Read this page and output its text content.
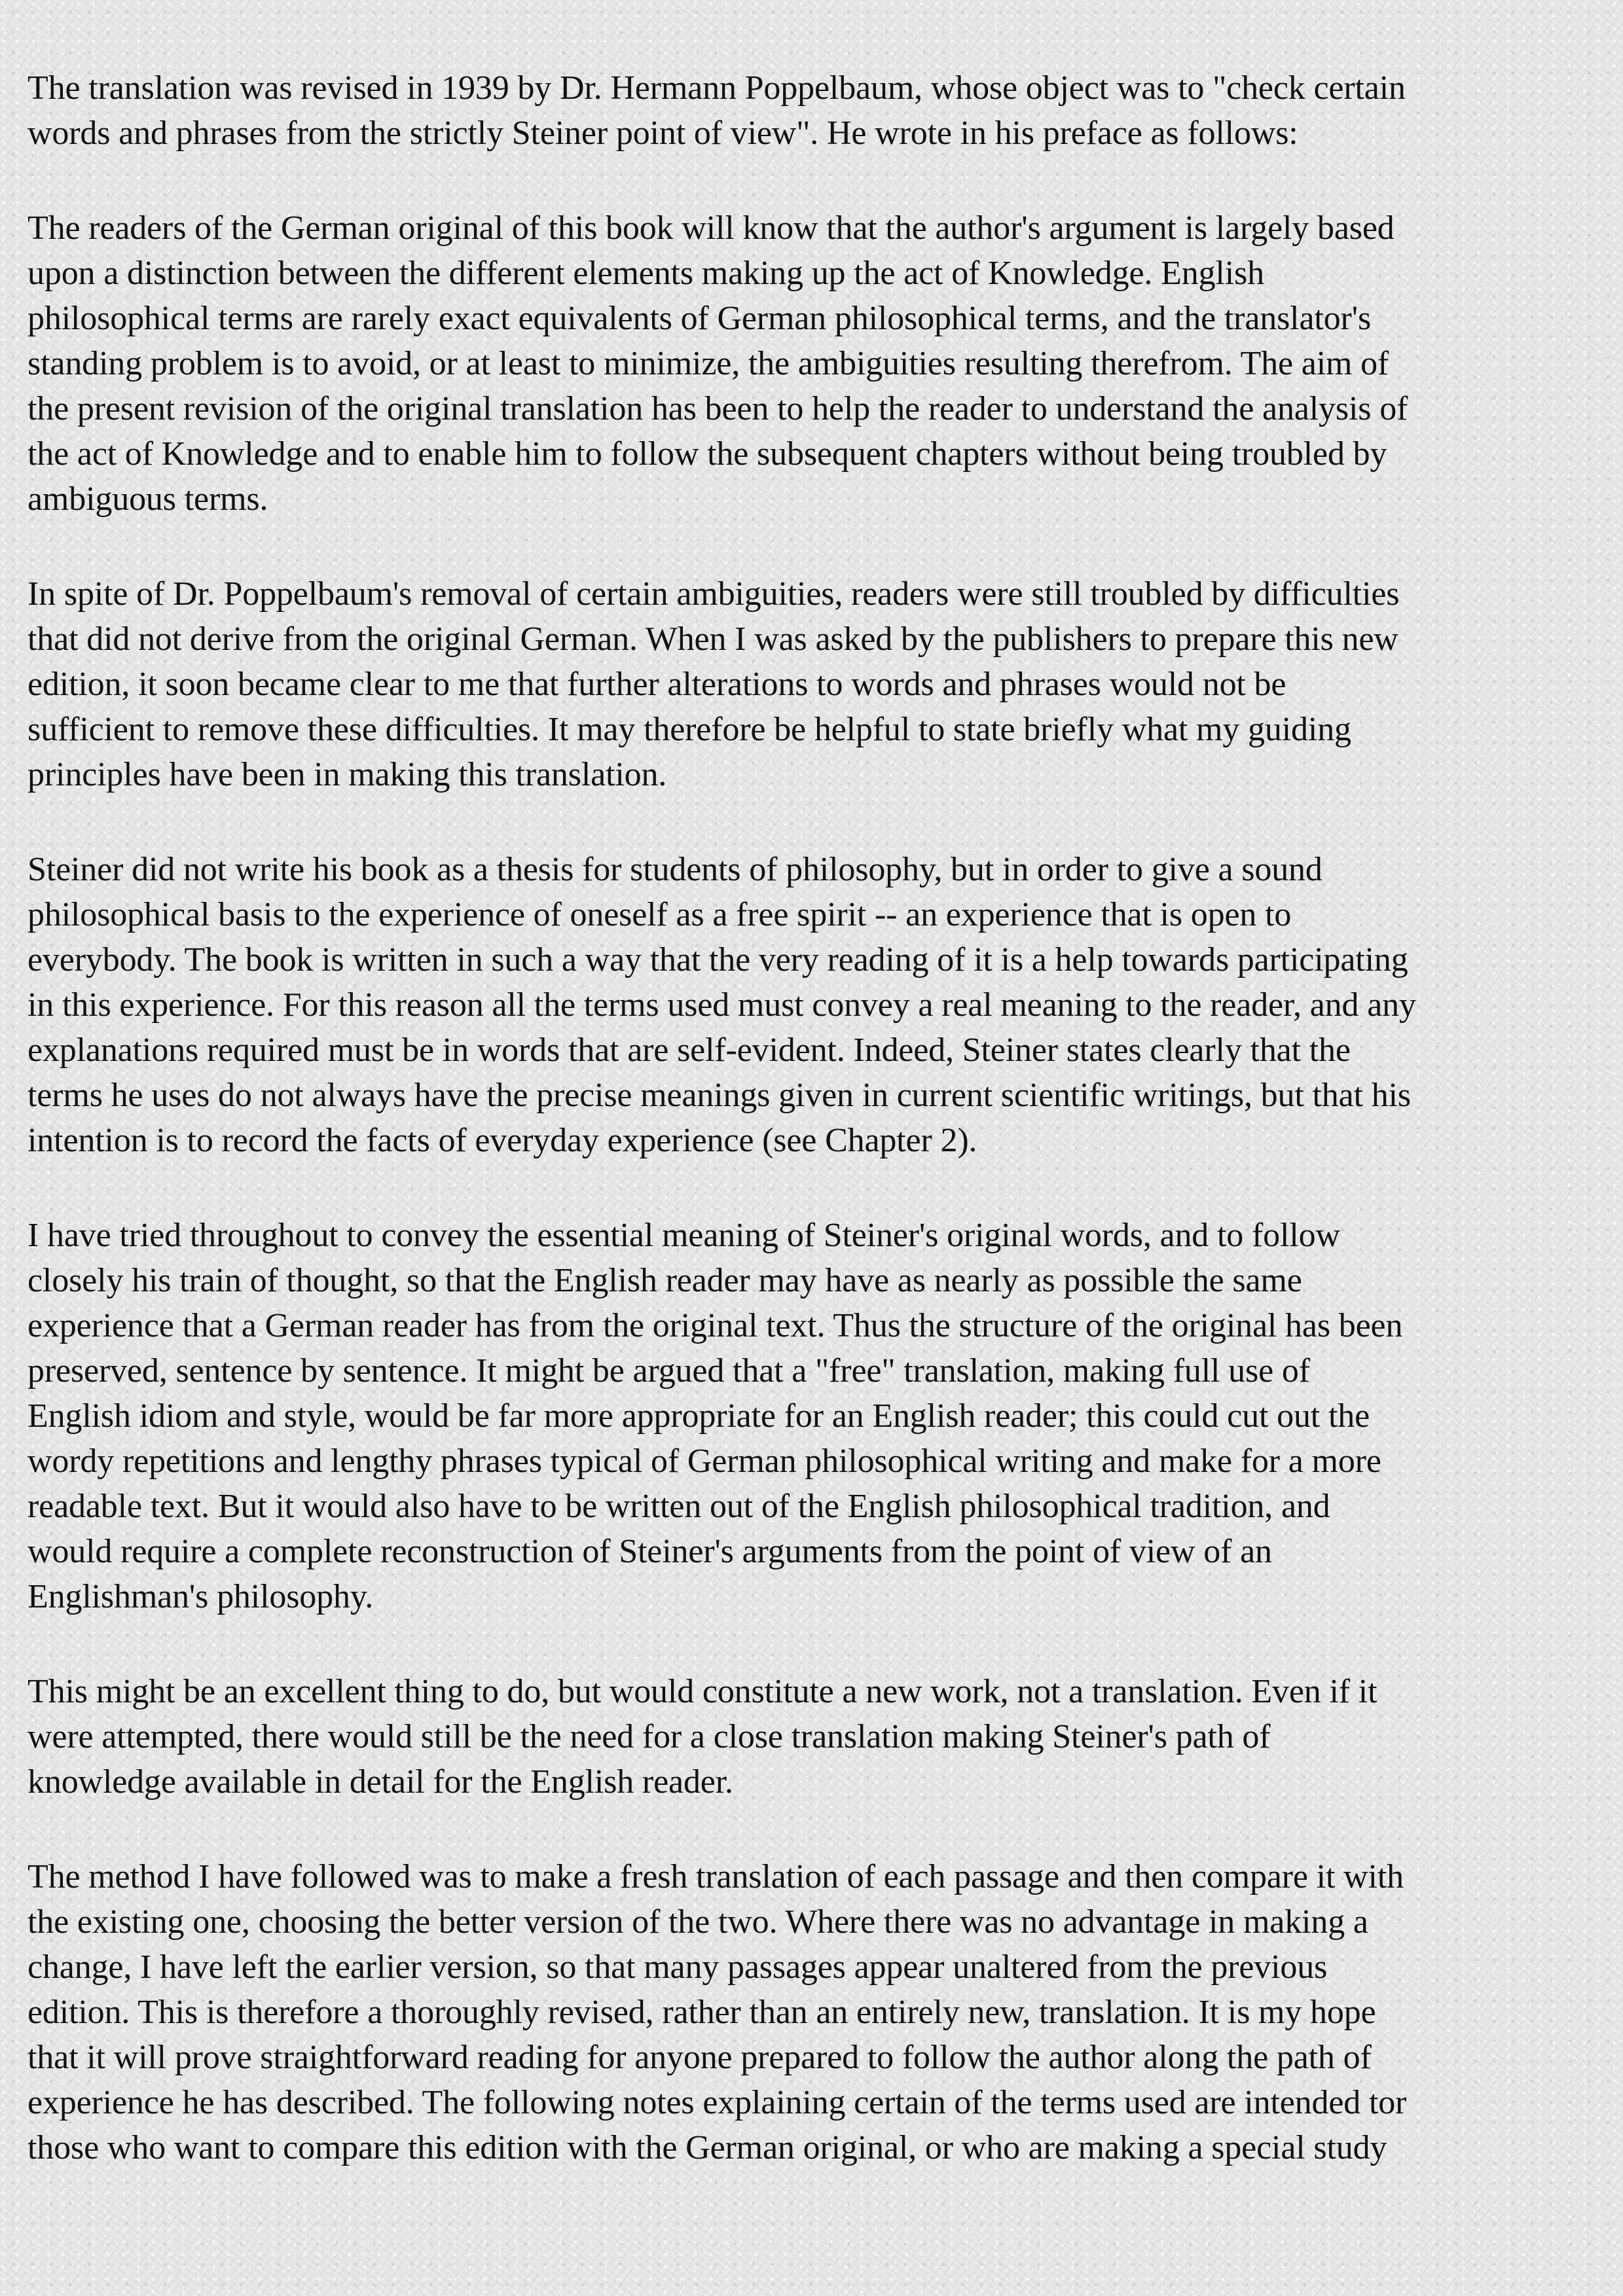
The translation was revised in 1939 by Dr. Hermann Poppelbaum, whose object was to "check certain
words and phrases from the strictly Steiner point of view". He wrote in his preface as follows:

The readers of the German original of this book will know that the author's argument is largely based
upon a distinction between the different elements making up the act of Knowledge. English
philosophical terms are rarely exact equivalents of German philosophical terms, and the translator's
standing problem is to avoid, or at least to minimize, the ambiguities resulting therefrom. The aim of
the present revision of the original translation has been to help the reader to understand the analysis of
the act of Knowledge and to enable him to follow the subsequent chapters without being troubled by
ambiguous terms.

In spite of Dr. Poppelbaum's removal of certain ambiguities, readers were still troubled by difficulties
that did not derive from the original German. When I was asked by the publishers to prepare this new
edition, it soon became clear to me that further alterations to words and phrases would not be
sufficient to remove these difficulties. It may therefore be helpful to state briefly what my guiding
principles have been in making this translation.

Steiner did not write his book as a thesis for students of philosophy, but in order to give a sound
philosophical basis to the experience of oneself as a free spirit -- an experience that is open to
everybody. The book is written in such a way that the very reading of it is a help towards participating
in this experience. For this reason all the terms used must convey a real meaning to the reader, and any
explanations required must be in words that are self-evident. Indeed, Steiner states clearly that the
terms he uses do not always have the precise meanings given in current scientific writings, but that his
intention is to record the facts of everyday experience (see Chapter 2).

I have tried throughout to convey the essential meaning of Steiner's original words, and to follow
closely his train of thought, so that the English reader may have as nearly as possible the same
experience that a German reader has from the original text. Thus the structure of the original has been
preserved, sentence by sentence. It might be argued that a "free" translation, making full use of
English idiom and style, would be far more appropriate for an English reader; this could cut out the
wordy repetitions and lengthy phrases typical of German philosophical writing and make for a more
readable text. But it would also have to be written out of the English philosophical tradition, and
would require a complete reconstruction of Steiner's arguments from the point of view of an
Englishman's philosophy.

This might be an excellent thing to do, but would constitute a new work, not a translation. Even if it
were attempted, there would still be the need for a close translation making Steiner's path of
knowledge available in detail for the English reader.

The method I have followed was to make a fresh translation of each passage and then compare it with
the existing one, choosing the better version of the two. Where there was no advantage in making a
change, I have left the earlier version, so that many passages appear unaltered from the previous
edition. This is therefore a thoroughly revised, rather than an entirely new, translation. It is my hope
that it will prove straightforward reading for anyone prepared to follow the author along the path of
experience he has described. The following notes explaining certain of the terms used are intended tor
those who want to compare this edition with the German original, or who are making a special study
